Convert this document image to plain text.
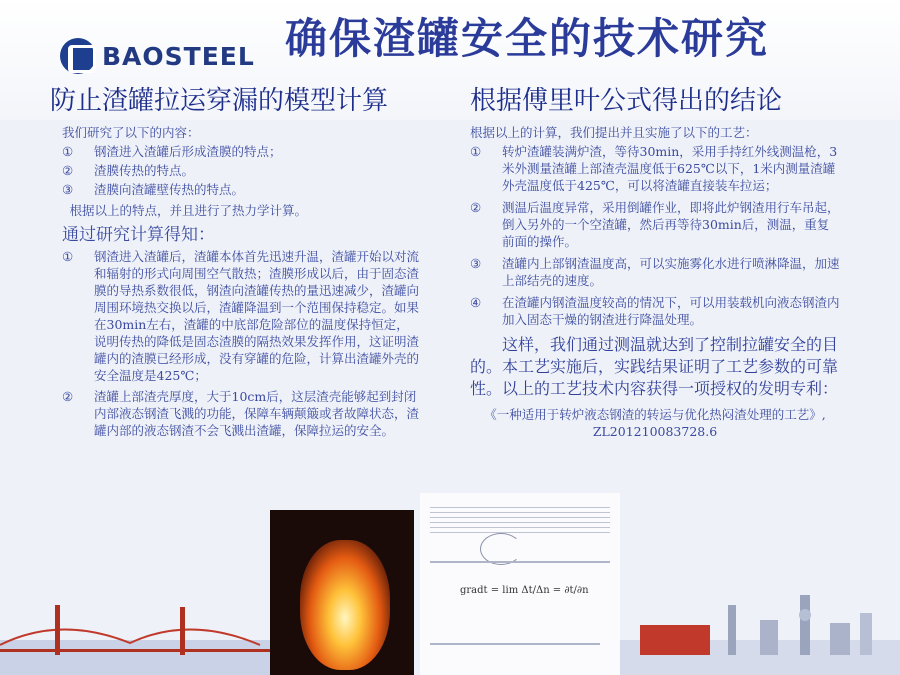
BAOSTEEL 确保渣罐安全的技术研究
防止渣罐拉运穿漏的模型计算	根据傅里叶公式得出的结论

我们研究了以下的内容：

①	钢渣进入渣罐后形成渣膜的特点；
②	渣膜传热的特点。
③	渣膜向渣罐壁传热的特点。

根据以上的特点，并且进行了热力学计算。

通过研究计算得知：
①	钢渣进入渣罐后，渣罐本体首先迅速升温，渣罐开始以对流和辐射的形式向周围空气散热；渣膜形成以后，由于固态渣膜的导热系数很低，钢渣向渣罐传热的量迅速减少，渣罐向周围环境热交换以后，渣罐降温到一个范围保持稳定。如果在30min左右，渣罐的中底部危险部位的温度保持恒定，说明传热的降低是固态渣膜的隔热效果发挥作用，这证明渣罐内的渣膜已经形成，没有穿罐的危险，计算出渣罐外壳的安全温度是425℃；
②	渣罐上部渣壳厚度，大于10cm后，这层渣壳能够起到封闭内部液态钢渣飞溅的功能，保障车辆颠簸或者故障状态，渣罐内部的液态钢渣不会飞溅出渣罐，保障拉运的安全。

根据以上的计算，我们提出并且实施了以下的工艺：

①	转炉渣罐装满炉渣，等待30min，采用手持红外线测温枪，3米外测量渣罐上部渣壳温度低于625℃以下，1米内测量渣罐外壳温度低于425℃，可以将渣罐直接装车拉运；
②	测温后温度异常，采用倒罐作业，即将此炉钢渣用行车吊起，倒入另外的一个空渣罐，然后再等待30min后，测温，重复前面的操作。
③	渣罐内上部钢渣温度高，可以实施雾化水进行喷淋降温，加速上部结壳的速度。
④	在渣罐内钢渣温度较高的情况下，可以用装载机向液态钢渣内加入固态干燥的钢渣进行降温处理。

这样，我们通过测温就达到了控制拉罐安全的目的。本工艺实施后，实践结果证明了工艺参数的可靠性。以上的工艺技术内容获得一项授权的发明专利：

《一种适用于转炉液态钢渣的转运与优化热闷渣处理的工艺》, ZL201210083728.6

gradt = lim Δt/Δn = ∂t/∂n
